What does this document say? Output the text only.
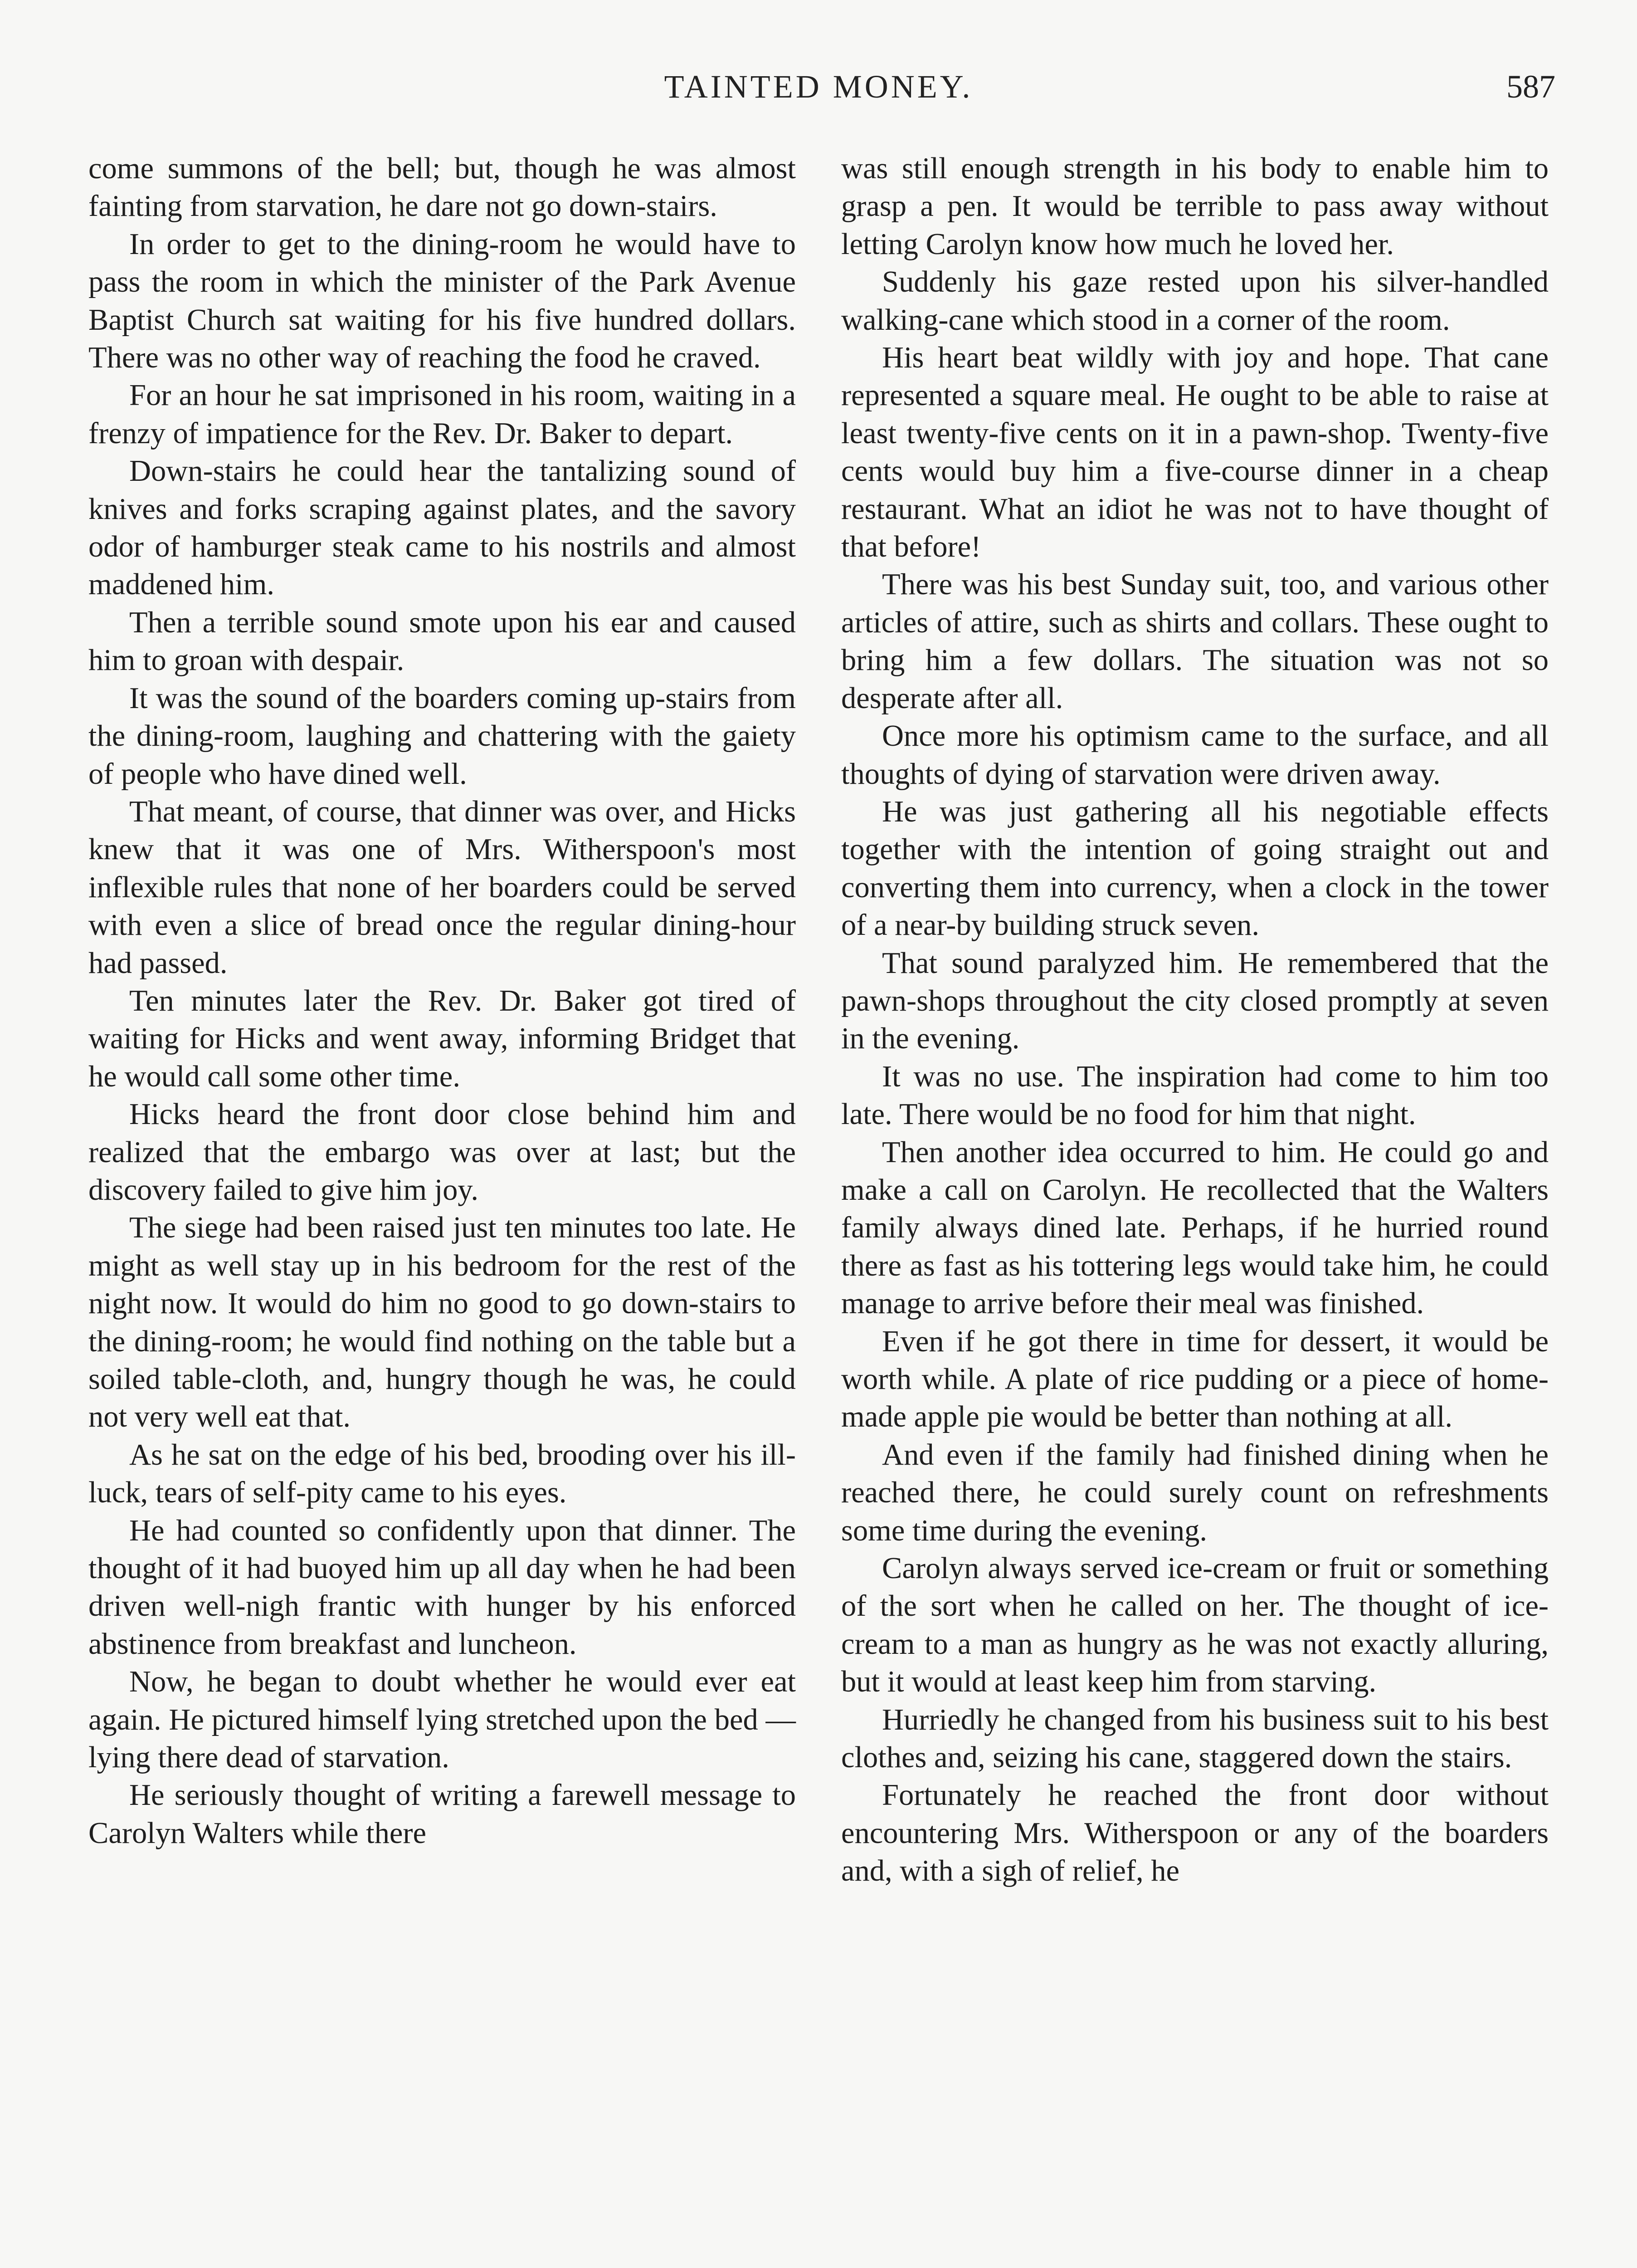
TAINTED MONEY.	587

come summons of the bell; but, though he was almost fainting from starvation, he dare not go down-stairs.

In order to get to the dining-room he would have to pass the room in which the minister of the Park Avenue Baptist Church sat waiting for his five hundred dollars. There was no other way of reaching the food he craved.

For an hour he sat imprisoned in his room, waiting in a frenzy of impatience for the Rev. Dr. Baker to depart.

Down-stairs he could hear the tantalizing sound of knives and forks scraping against plates, and the savory odor of hamburger steak came to his nostrils and almost maddened him.

Then a terrible sound smote upon his ear and caused him to groan with despair.

It was the sound of the boarders coming up-stairs from the dining-room, laughing and chattering with the gaiety of people who have dined well.

That meant, of course, that dinner was over, and Hicks knew that it was one of Mrs. Witherspoon's most inflexible rules that none of her boarders could be served with even a slice of bread once the regular dining-hour had passed.

Ten minutes later the Rev. Dr. Baker got tired of waiting for Hicks and went away, informing Bridget that he would call some other time.

Hicks heard the front door close behind him and realized that the embargo was over at last; but the discovery failed to give him joy.

The siege had been raised just ten minutes too late. He might as well stay up in his bedroom for the rest of the night now. It would do him no good to go down-stairs to the dining-room; he would find nothing on the table but a soiled table-cloth, and, hungry though he was, he could not very well eat that.

As he sat on the edge of his bed, brooding over his ill-luck, tears of self-pity came to his eyes.

He had counted so confidently upon that dinner. The thought of it had buoyed him up all day when he had been driven well-nigh frantic with hunger by his enforced abstinence from breakfast and luncheon.

Now, he began to doubt whether he would ever eat again. He pictured himself lying stretched upon the bed — lying there dead of starvation.

He seriously thought of writing a farewell message to Carolyn Walters while there

was still enough strength in his body to enable him to grasp a pen. It would be terrible to pass away without letting Carolyn know how much he loved her.

Suddenly his gaze rested upon his silver-handled walking-cane which stood in a corner of the room.

His heart beat wildly with joy and hope. That cane represented a square meal. He ought to be able to raise at least twenty-five cents on it in a pawn-shop. Twenty-five cents would buy him a five-course dinner in a cheap restaurant. What an idiot he was not to have thought of that before!

There was his best Sunday suit, too, and various other articles of attire, such as shirts and collars. These ought to bring him a few dollars. The situation was not so desperate after all.

Once more his optimism came to the surface, and all thoughts of dying of starvation were driven away.

He was just gathering all his negotiable effects together with the intention of going straight out and converting them into currency, when a clock in the tower of a near-by building struck seven.

That sound paralyzed him. He remembered that the pawn-shops throughout the city closed promptly at seven in the evening.

It was no use. The inspiration had come to him too late. There would be no food for him that night.

Then another idea occurred to him. He could go and make a call on Carolyn. He recollected that the Walters family always dined late. Perhaps, if he hurried round there as fast as his tottering legs would take him, he could manage to arrive before their meal was finished.

Even if he got there in time for dessert, it would be worth while. A plate of rice pudding or a piece of home-made apple pie would be better than nothing at all.

And even if the family had finished dining when he reached there, he could surely count on refreshments some time during the evening.

Carolyn always served ice-cream or fruit or something of the sort when he called on her. The thought of ice-cream to a man as hungry as he was not exactly alluring, but it would at least keep him from starving.

Hurriedly he changed from his business suit to his best clothes and, seizing his cane, staggered down the stairs.

Fortunately he reached the front door without encountering Mrs. Witherspoon or any of the boarders and, with a sigh of relief, he
